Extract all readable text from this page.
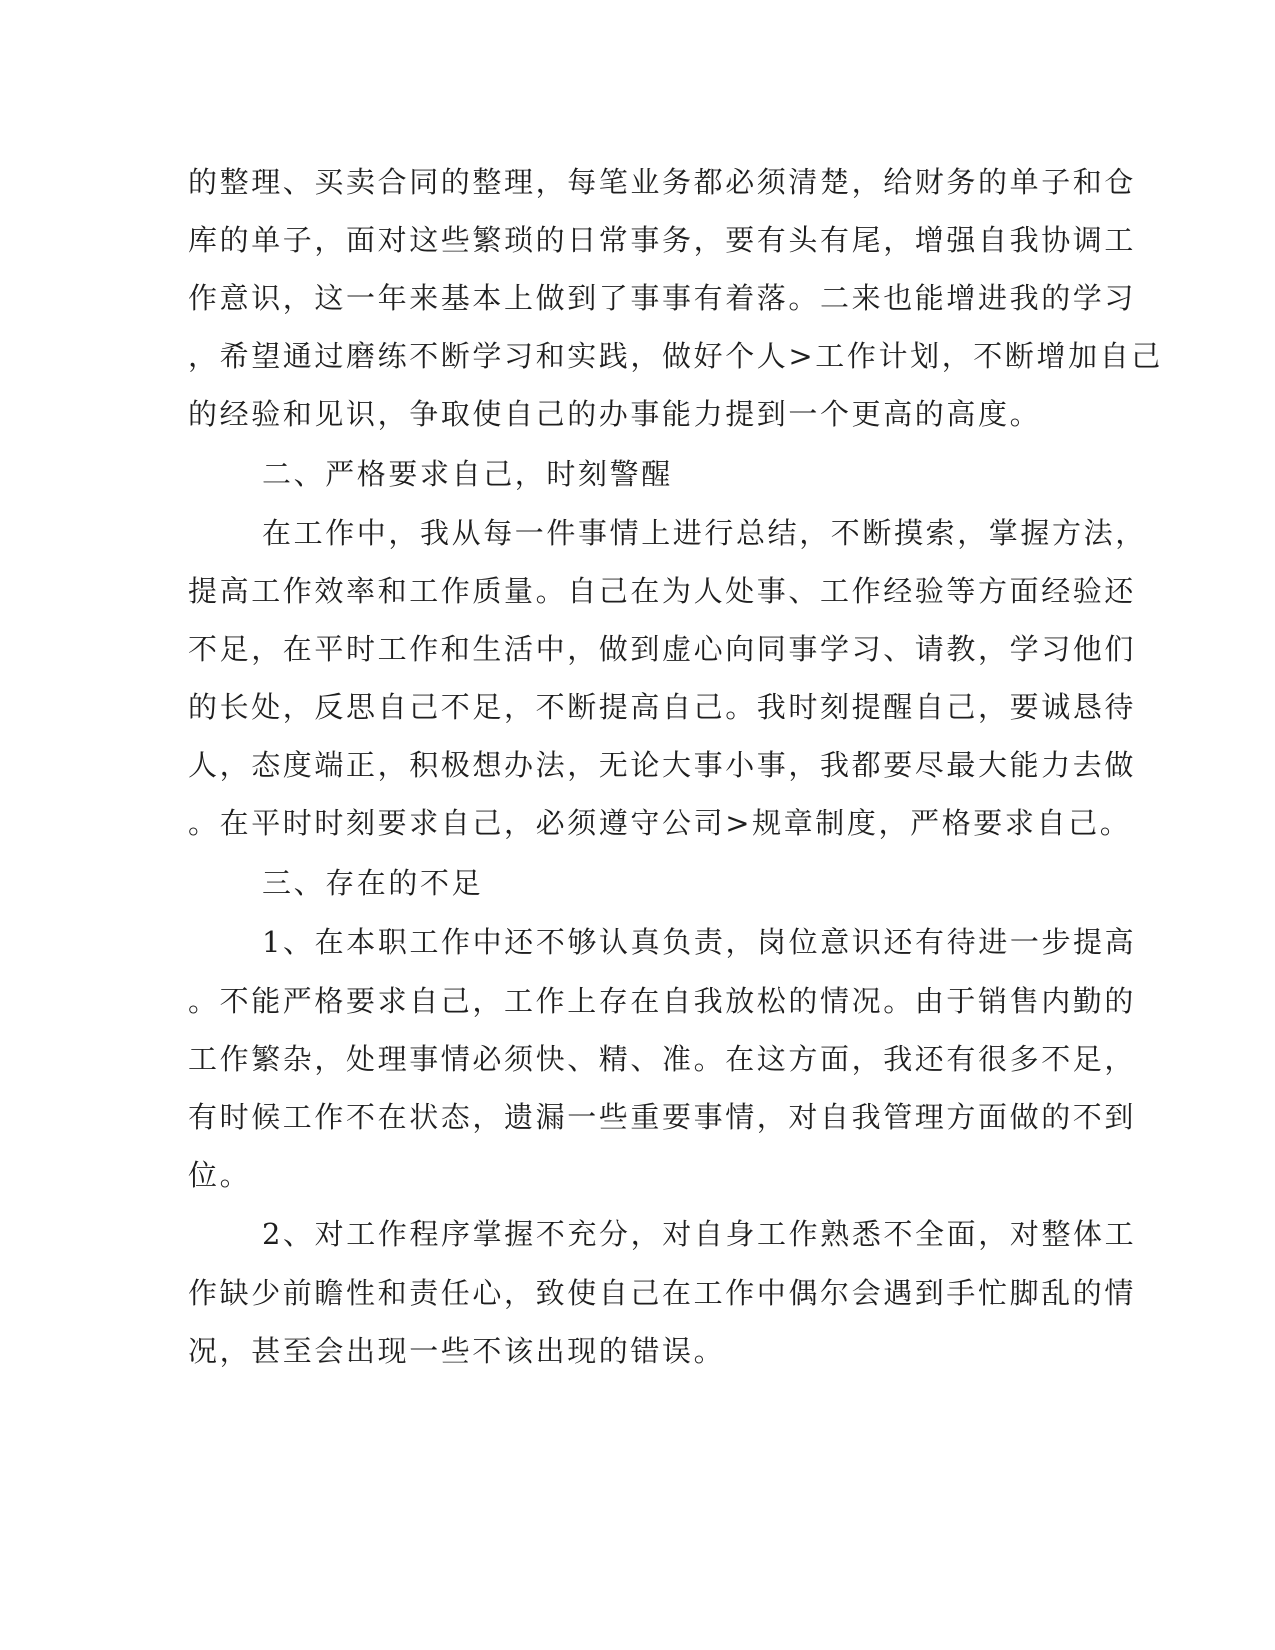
的整理、买卖合同的整理，每笔业务都必须清楚，给财务的单子和仓

库的单子，面对这些繁琐的日常事务，要有头有尾，增强自我协调工

作意识，这一年来基本上做到了事事有着落。二来也能增进我的学习

，希望通过磨练不断学习和实践，做好个人>工作计划，不断增加自己

的经验和见识，争取使自己的办事能力提到一个更高的高度。

二、严格要求自己，时刻警醒

在工作中，我从每一件事情上进行总结，不断摸索，掌握方法，

提高工作效率和工作质量。自己在为人处事、工作经验等方面经验还

不足，在平时工作和生活中，做到虚心向同事学习、请教，学习他们

的长处，反思自己不足，不断提高自己。我时刻提醒自己，要诚恳待

人，态度端正，积极想办法，无论大事小事，我都要尽最大能力去做

。在平时时刻要求自己，必须遵守公司>规章制度，严格要求自己。

三、存在的不足

1、在本职工作中还不够认真负责，岗位意识还有待进一步提高

。不能严格要求自己，工作上存在自我放松的情况。由于销售内勤的

工作繁杂，处理事情必须快、精、准。在这方面，我还有很多不足，

有时候工作不在状态，遗漏一些重要事情，对自我管理方面做的不到

位。

2、对工作程序掌握不充分，对自身工作熟悉不全面，对整体工

作缺少前瞻性和责任心，致使自己在工作中偶尔会遇到手忙脚乱的情

况，甚至会出现一些不该出现的错误。
